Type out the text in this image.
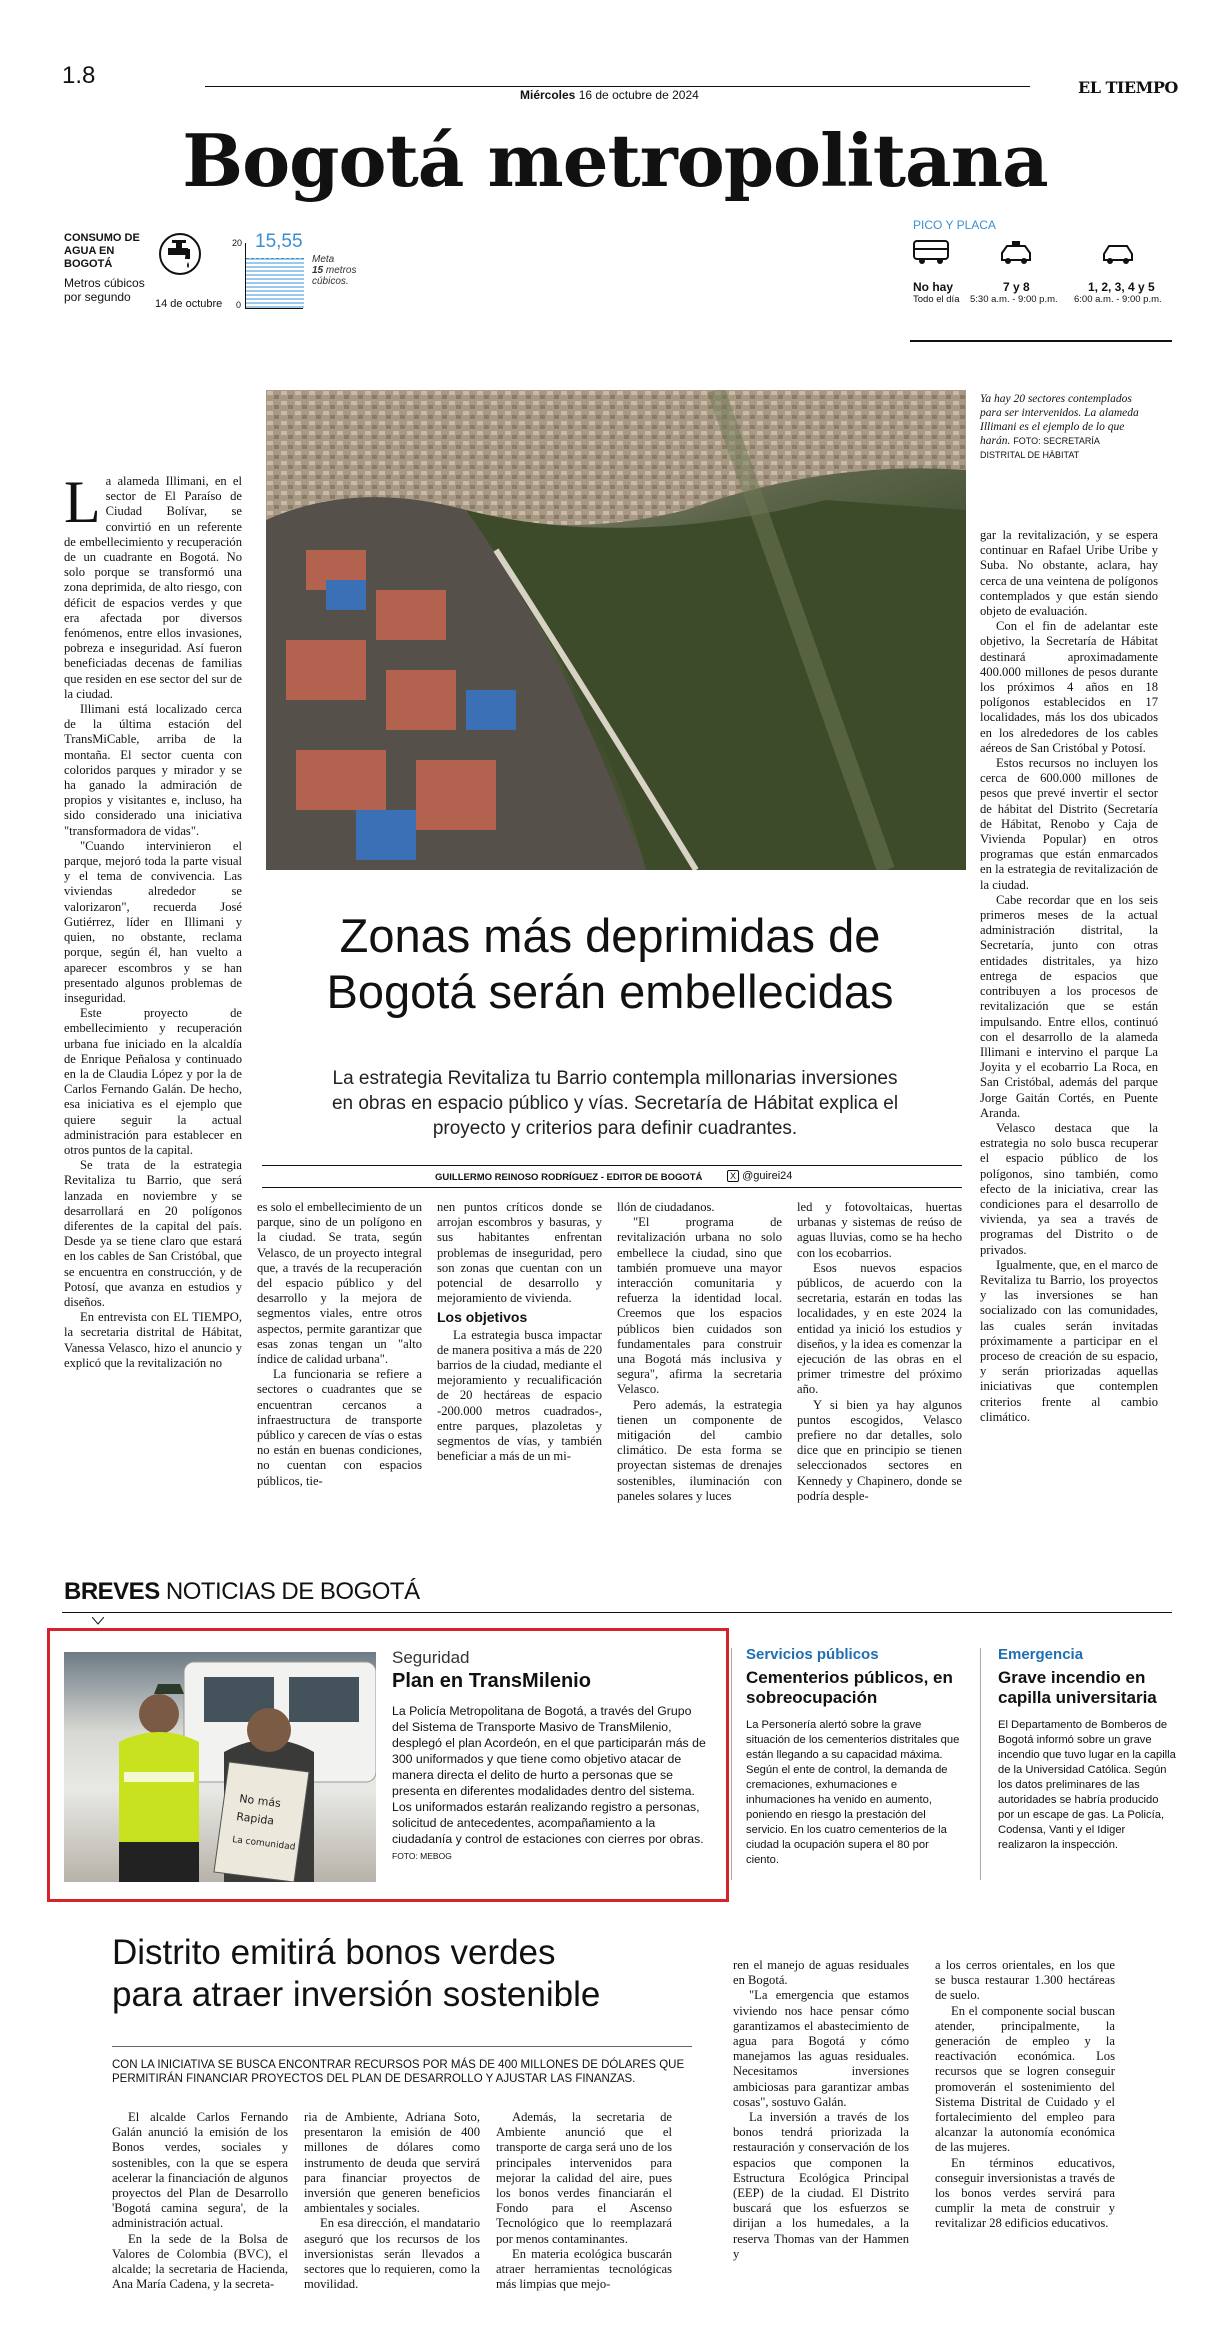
1.8
Miércoles 16 de octubre de 2024	EL TIEMPO
Bogotá metropolitana
CONSUMO DE AGUA EN BOGOTÁ
Metros cúbicos por segundo	14 de octubre
20
0
15,55
Meta
15 metros cúbicos.
PICO Y PLACA
No hay
Todo el día
7 y 8
5:30 a.m. - 9:00 p.m.
1, 2, 3, 4 y 5
6:00 a.m. - 9:00 p.m.
Ya hay 20 sectores contemplados para ser intervenidos. La alameda Illimani es el ejemplo de lo que harán. FOTO: SECRETARÍA DISTRITAL DE HÁBITAT
Zonas más deprimidas de
Bogotá serán embellecidas
La estrategia Revitaliza tu Barrio contempla millonarias inversiones en obras en espacio público y vías. Secretaría de Hábitat explica el proyecto y criterios para definir cuadrantes.
GUILLERMO REINOSO RODRÍGUEZ - EDITOR DE BOGOTÁ	X @guirei24

La alameda Illimani, en el sector de El Paraíso de Ciudad Bolívar, se convirtió en un referente de embellecimiento y recuperación de un cuadrante en Bogotá. No solo porque se transformó una zona deprimida, de alto riesgo, con déficit de espacios verdes y que era afectada por diversos fenómenos, entre ellos invasiones, pobreza e inseguridad. Así fueron beneficiadas decenas de familias que residen en ese sector del sur de la ciudad.

Illimani está localizado cerca de la última estación del TransMiCable, arriba de la montaña. El sector cuenta con coloridos parques y mirador y se ha ganado la admiración de propios y visitantes e, incluso, ha sido considerado una iniciativa "transformadora de vidas".

"Cuando intervinieron el parque, mejoró toda la parte visual y el tema de convivencia. Las viviendas alrededor se valorizaron", recuerda José Gutiérrez, líder en Illimani y quien, no obstante, reclama porque, según él, han vuelto a aparecer escombros y se han presentado algunos problemas de inseguridad.

Este proyecto de embellecimiento y recuperación urbana fue iniciado en la alcaldía de Enrique Peñalosa y continuado en la de Claudia López y por la de Carlos Fernando Galán. De hecho, esa iniciativa es el ejemplo que quiere seguir la actual administración para establecer en otros puntos de la capital.

Se trata de la estrategia Revitaliza tu Barrio, que será lanzada en noviembre y se desarrollará en 20 polígonos diferentes de la capital del país. Desde ya se tiene claro que estará en los cables de San Cristóbal, que se encuentra en construcción, y de Potosí, que avanza en estudios y diseños.

En entrevista con EL TIEMPO, la secretaria distrital de Hábitat, Vanessa Velasco, hizo el anuncio y explicó que la revitalización no

es solo el embellecimiento de un parque, sino de un polígono en la ciudad. Se trata, según Velasco, de un proyecto integral que, a través de la recuperación del espacio público y del desarrollo y la mejora de segmentos viales, entre otros aspectos, permite garantizar que esas zonas tengan un "alto índice de calidad urbana".

La funcionaria se refiere a sectores o cuadrantes que se encuentran cercanos a infraestructura de transporte público y carecen de vías o estas no están en buenas condiciones, no cuentan con espacios públicos, tie-

nen puntos críticos donde se arrojan escombros y basuras, y sus habitantes enfrentan problemas de inseguridad, pero son zonas que cuentan con un potencial de desarrollo y mejoramiento de vivienda.

Los objetivos

La estrategia busca impactar de manera positiva a más de 220 barrios de la ciudad, mediante el mejoramiento y recualificación de 20 hectáreas de espacio -200.000 metros cuadrados-, entre parques, plazoletas y segmentos de vías, y también beneficiar a más de un mi-

llón de ciudadanos.

"El programa de revitalización urbana no solo embellece la ciudad, sino que también promueve una mayor interacción comunitaria y refuerza la identidad local. Creemos que los espacios públicos bien cuidados son fundamentales para construir una Bogotá más inclusiva y segura", afirma la secretaria Velasco.

Pero además, la estrategia tienen un componente de mitigación del cambio climático. De esta forma se proyectan sistemas de drenajes sostenibles, iluminación con paneles solares y luces

led y fotovoltaicas, huertas urbanas y sistemas de reúso de aguas lluvias, como se ha hecho con los ecobarrios.

Esos nuevos espacios públicos, de acuerdo con la secretaria, estarán en todas las localidades, y en este 2024 la entidad ya inició los estudios y diseños, y la idea es comenzar la ejecución de las obras en el primer trimestre del próximo año.

Y si bien ya hay algunos puntos escogidos, Velasco prefiere no dar detalles, solo dice que en principio se tienen seleccionados sectores en Kennedy y Chapinero, donde se podría desple-

gar la revitalización, y se espera continuar en Rafael Uribe Uribe y Suba. No obstante, aclara, hay cerca de una veintena de polígonos contemplados y que están siendo objeto de evaluación.

Con el fin de adelantar este objetivo, la Secretaría de Hábitat destinará aproximadamente 400.000 millones de pesos durante los próximos 4 años en 18 polígonos establecidos en 17 localidades, más los dos ubicados en los alrededores de los cables aéreos de San Cristóbal y Potosí.

Estos recursos no incluyen los cerca de 600.000 millones de pesos que prevé invertir el sector de hábitat del Distrito (Secretaría de Hábitat, Renobo y Caja de Vivienda Popular) en otros programas que están enmarcados en la estrategia de revitalización de la ciudad.

Cabe recordar que en los seis primeros meses de la actual administración distrital, la Secretaría, junto con otras entidades distritales, ya hizo entrega de espacios que contribuyen a los procesos de revitalización que se están impulsando. Entre ellos, continuó con el desarrollo de la alameda Illimani e intervino el parque La Joyita y el ecobarrio La Roca, en San Cristóbal, además del parque Jorge Gaitán Cortés, en Puente Aranda.

Velasco destaca que la estrategia no solo busca recuperar el espacio público de los polígonos, sino también, como efecto de la iniciativa, crear las condiciones para el desarrollo de vivienda, ya sea a través de programas del Distrito o de privados.

Igualmente, que, en el marco de Revitaliza tu Barrio, los proyectos y las inversiones se han socializado con las comunidades, las cuales serán invitadas próximamente a participar en el proceso de creación de su espacio, y serán priorizadas aquellas iniciativas que contemplen criterios frente al cambio climático.

BREVES NOTICIAS DE BOGOTÁ
No más
Rapida
La comunidad
Seguridad
Plan en TransMilenio
La Policía Metropolitana de Bogotá, a través del Grupo del Sistema de Transporte Masivo de TransMilenio, desplegó el plan Acordeón, en el que participarán más de 300 uniformados y que tiene como objetivo atacar de manera directa el delito de hurto a personas que se presenta en diferentes modalidades dentro del sistema. Los uniformados estarán realizando registro a personas, solicitud de antecedentes, acompañamiento a la ciudadanía y control de estaciones con cierres por obras. FOTO: MEBOG
Servicios públicos
Cementerios públicos, en sobreocupación
La Personería alertó sobre la grave situación de los cementerios distritales que están llegando a su capacidad máxima. Según el ente de control, la demanda de cremaciones, exhumaciones e inhumaciones ha venido en aumento, poniendo en riesgo la prestación del servicio. En los cuatro cementerios de la ciudad la ocupación supera el 80 por ciento.
Emergencia
Grave incendio en capilla universitaria
El Departamento de Bomberos de Bogotá informó sobre un grave incendio que tuvo lugar en la capilla de la Universidad Católica. Según los datos preliminares de las autoridades se habría producido por un escape de gas. La Policía, Codensa, Vanti y el Idiger realizaron la inspección.
Distrito emitirá bonos verdes
para atraer inversión sostenible
CON LA INICIATIVA SE BUSCA ENCONTRAR RECURSOS POR MÁS DE 400 MILLONES DE DÓLARES QUE PERMITIRÁN FINANCIAR PROYECTOS DEL PLAN DE DESARROLLO Y AJUSTAR LAS FINANZAS.

El alcalde Carlos Fernando Galán anunció la emisión de los Bonos verdes, sociales y sostenibles, con la que se espera acelerar la financiación de algunos proyectos del Plan de Desarrollo 'Bogotá camina segura', de la administración actual.

En la sede de la Bolsa de Valores de Colombia (BVC), el alcalde; la secretaria de Hacienda, Ana María Cadena, y la secreta-

ria de Ambiente, Adriana Soto, presentaron la emisión de 400 millones de dólares como instrumento de deuda que servirá para financiar proyectos de inversión que generen beneficios ambientales y sociales.

En esa dirección, el mandatario aseguró que los recursos de los inversionistas serán llevados a sectores que lo requieren, como la movilidad.

Además, la secretaria de Ambiente anunció que el transporte de carga será uno de los principales intervenidos para mejorar la calidad del aire, pues los bonos verdes financiarán el Fondo para el Ascenso Tecnológico que lo reemplazará por menos contaminantes.

En materia ecológica buscarán atraer herramientas tecnológicas más limpias que mejo-

ren el manejo de aguas residuales en Bogotá.

"La emergencia que estamos viviendo nos hace pensar cómo garantizamos el abastecimiento de agua para Bogotá y cómo manejamos las aguas residuales. Necesitamos inversiones ambiciosas para garantizar ambas cosas", sostuvo Galán.

La inversión a través de los bonos tendrá priorizada la restauración y conservación de los espacios que componen la Estructura Ecológica Principal (EEP) de la ciudad. El Distrito buscará que los esfuerzos se dirijan a los humedales, a la reserva Thomas van der Hammen y

a los cerros orientales, en los que se busca restaurar 1.300 hectáreas de suelo.

En el componente social buscan atender, principalmente, la generación de empleo y la reactivación económica. Los recursos que se logren conseguir promoverán el sostenimiento del Sistema Distrital de Cuidado y el fortalecimiento del empleo para alcanzar la autonomía económica de las mujeres.

En términos educativos, conseguir inversionistas a través de los bonos verdes servirá para cumplir la meta de construir y revitalizar 28 edificios educativos.
